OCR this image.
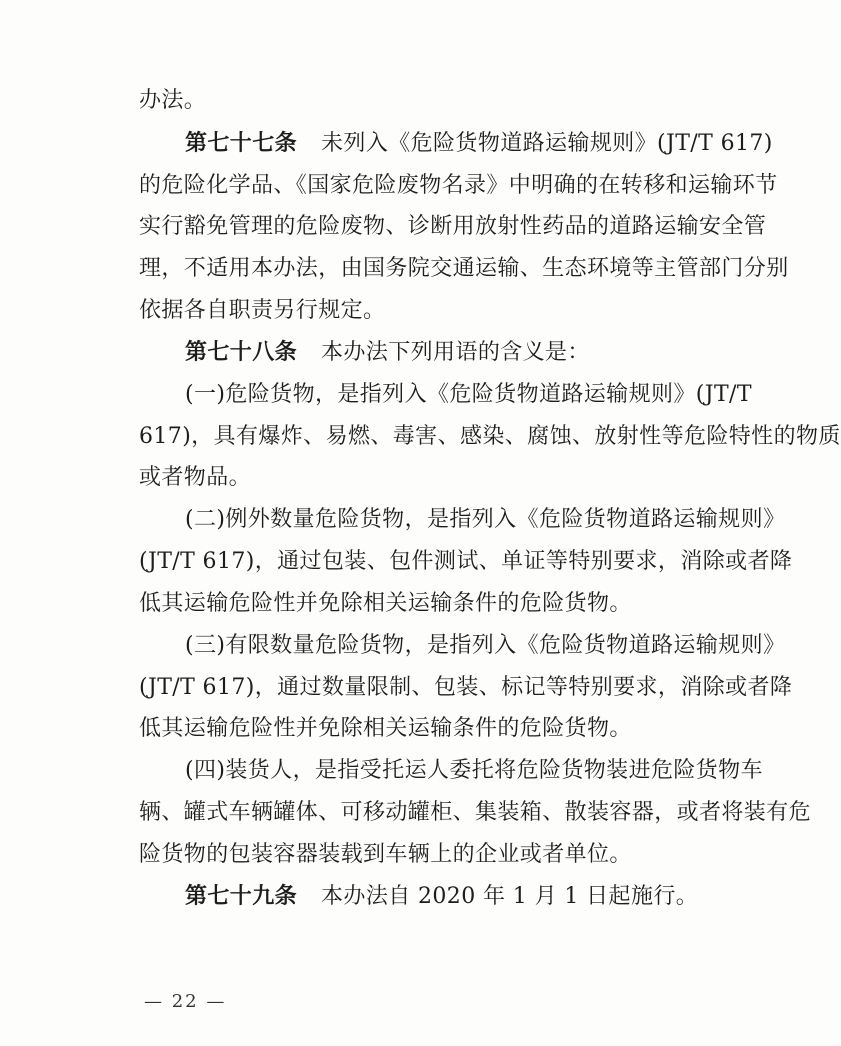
办法。
第七十七条 未列入《危险货物道路运输规则》(JT/T 617)
的危险化学品、《国家危险废物名录》中明确的在转移和运输环节
实行豁免管理的危险废物、诊断用放射性药品的道路运输安全管
理，不适用本办法，由国务院交通运输、生态环境等主管部门分别
依据各自职责另行规定。
第七十八条 本办法下列用语的含义是：
(一)危险货物，是指列入《危险货物道路运输规则》(JT/T
617)，具有爆炸、易燃、毒害、感染、腐蚀、放射性等危险特性的物质
或者物品。
(二)例外数量危险货物，是指列入《危险货物道路运输规则》
(JT/T 617)，通过包装、包件测试、单证等特别要求，消除或者降
低其运输危险性并免除相关运输条件的危险货物。
(三)有限数量危险货物，是指列入《危险货物道路运输规则》
(JT/T 617)，通过数量限制、包装、标记等特别要求，消除或者降
低其运输危险性并免除相关运输条件的危险货物。
(四)装货人，是指受托运人委托将危险货物装进危险货物车
辆、罐式车辆罐体、可移动罐柜、集装箱、散装容器，或者将装有危
险货物的包装容器装载到车辆上的企业或者单位。
第七十九条 本办法自 2020 年 1 月 1 日起施行。
— 22 —
